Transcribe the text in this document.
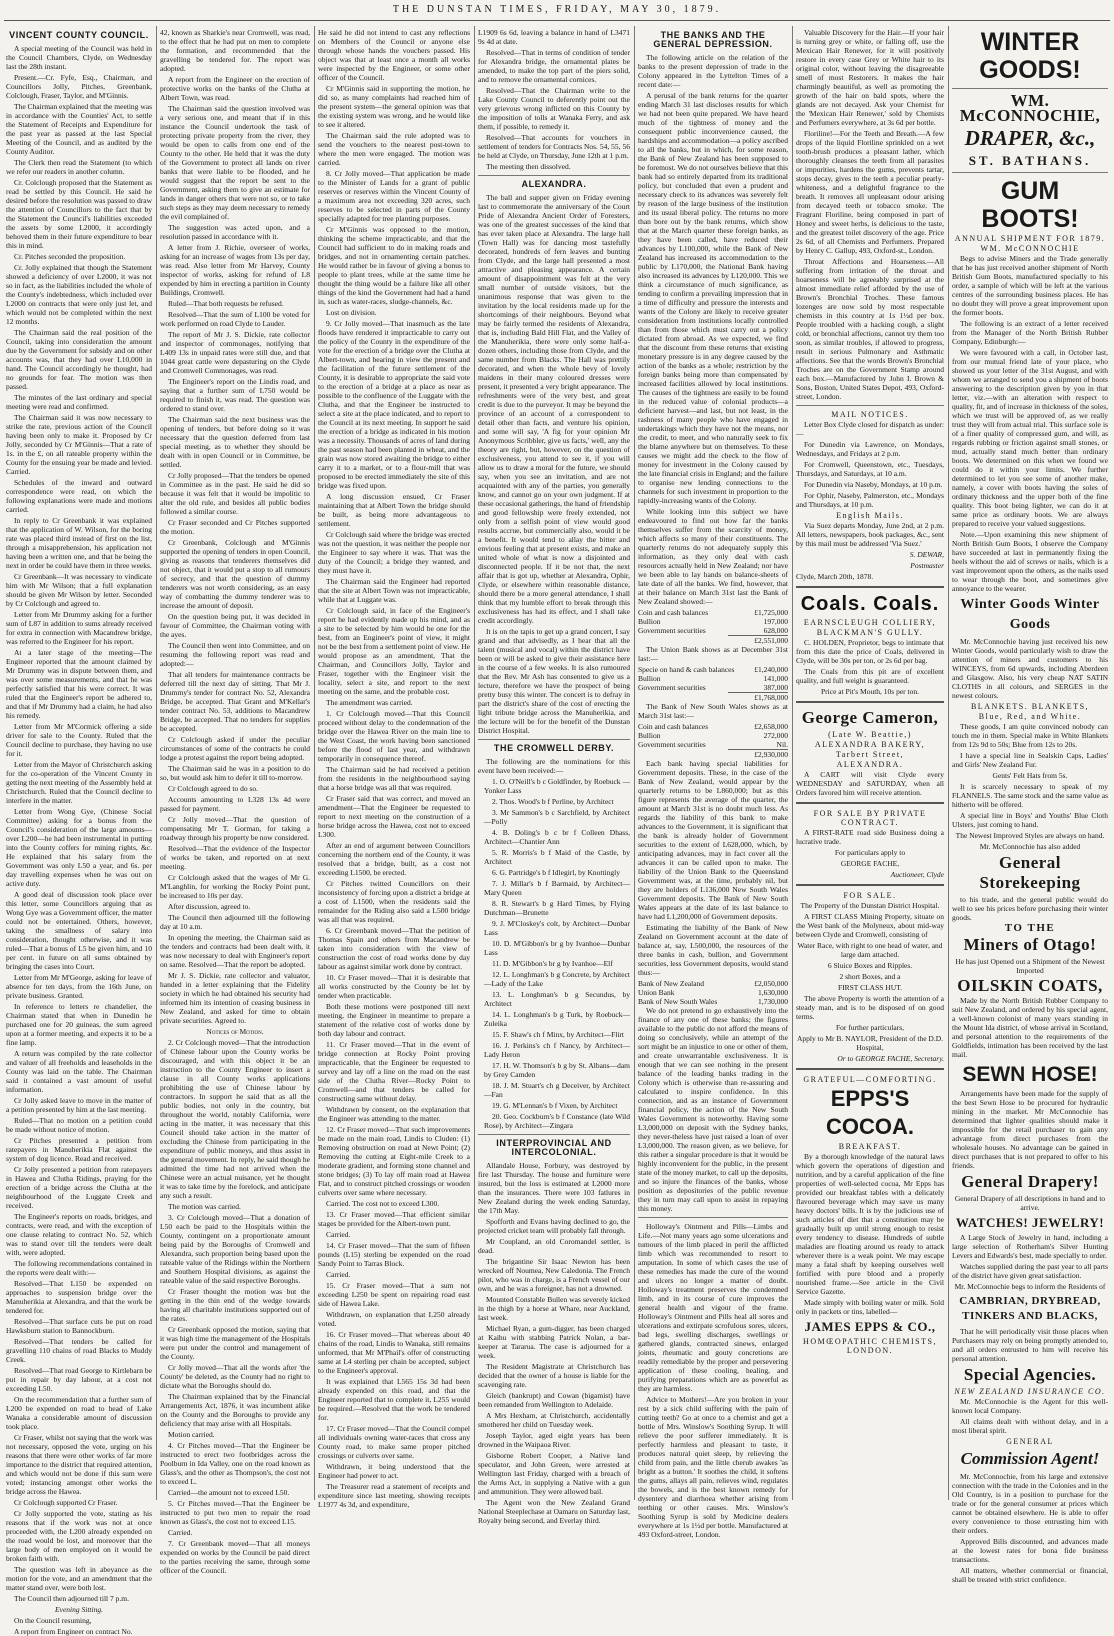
THE DUNSTAN TIMES, FRIDAY, MAY 30, 1879.
VINCENT COUNTY COUNCIL.

A special meeting of the Council was held in the Council Chambers, Clyde, on Wednesday last the 28th instant.

Present.—Cr. Fyfe, Esq., Chairman, and Councillors Jolly, Pitches, Greenbank, Colclough, Fraser, Taylor, and M'Ginnis.

The Chairman explained that the meeting was in accordance with the Counties' Act, to settle the Statement of Receipts and Expenditure for the past year as passed at the last Special Meeting of the Council, and as audited by the County Auditor.

The Clerk then read the Statement (to which we refer our readers in another column.

Cr. Colclough proposed that the Statement as read be settled by this Council. He said he desired before the resolution was passed to draw the attention of Councillors to the fact that by the Statement the Council's liabilities exceeded the assets by some L2000, it accordingly behoved them in their future expenditure to bear this in mind.

Cr. Pitches seconded the proposition.

Cr. Jolly explained that though the Statement showed a deficiency of over L2000, it was not so in fact, as the liabilities included the whole of the County's indebtedness, which included over L2000 on contracts that were only just let, and which would not be completed within the next 12 months.

The Chairman said the real position of the Council, taking into consideration the amount due by the Government for subsidy and on other accounts was, that they had over L10,000 in hand. The Council accordingly he thought, had no grounds for fear. The motion was then passed.

The minutes of the last ordinary and special meeting were read and confirmed.

The Chairman said it was now necessary to strike the rate, previous action of the Council having been only to make it. Proposed by Cr Jolly, seconded by Cr M'Ginnis—That a rate of 1s. in the £, on all rateable property within the County for the ensuing year be made and levied. Carried.

Schedules of the inward and outward correspondence were read, on which the following explanations were made and motions carried.

In reply to Cr Greenbank it was explained that the application of W. Wilson, for the boring rate was placed third instead of first on the list, through a misapprehension, his application not having been a written one, and that he being the next in order he could have them in three weeks.

Cr Greenbank—It was necessary to vindicate him with Mr Wilson; that a full explanation should be given Mr Wilson by letter. Seconded by Cr Colclough and agreed to.

Letter from Mr Drummy asking for a further sum of L87 in addition to sums already received for extra in connection with Macandrew bridge, was referred to the Engineer for his report.

At a later stage of the meeting—The Engineer reported that the amount claimed by Mr Drummy was in dispute between them, and was over some measurements, and that he was perfectly satisfied that his were correct. It was ruled that the Engineer's report be adhered to, and that if Mr Drummy had a claim, he had also his remedy.

Letter from Mr M'Cormick offering a side driver for sale to the County. Ruled that the Council decline to purchase, they having no use for it.

Letter from the Mayor of Christchurch asking for the co-operation of the Vincent County in getting the next meeting of the Assembly held at Christchurch. Ruled that the Council decline to interfere in the matter.

Letter from Wong Gye, (Chinese Social Committee) asking for a bonus from the Council's consideration of the large amounts—over L200—he had been instrumental in putting into the County coffers for mining rights, &c. He explained that his salary from the Government was only L50 a year, and 6s. per day travelling expenses when he was out on active duty.

A good deal of discussion took place over this letter, some Councillors arguing that as Wong Gye was a Government officer, the matter could not be entertained. Others, however, taking the smallness of salary into consideration, thought otherwise, and it was ruled—That a bonus of L5 be given him, and 10 per cent. in future on all sums obtained by bringing the cases into Court.

Letter from Mr M'George, asking for leave of absence for ten days, from the 16th June, on private business. Granted.

In reference to letters re chandelier, the Chairman stated that when in Dunedin he purchased one for 20 guineas, the sum agreed upon at a former meeting, and expects it to be a fine lamp.

A return was compiled by the rate collector and valuer of all freeholds and leaseholds in the County was laid on the table. The Chairman said it contained a vast amount of useful information.

Cr Jolly asked leave to move in the matter of a petition presented by him at the last meeting.

Ruled—That no motion on a petition could be made without notice of motion.

Cr Pitches presented a petition from ratepayers in Manuherikia Flat against the system of dog licence. Read and received.

Cr Jolly presented a petition from ratepayers in Hawea and Clutha Ridings, praying for the erection of a bridge across the Clutha at the neighbourhood of the Luggate Creek and received.

The Engineer's reports on roads, bridges, and contracts, were read, and with the exception of one clause relating to contract No. 52, which was to stand over till the tenders were dealt with, were adopted.

The following recommendations contained in the reports were dealt with:—

Resolved—That L150 be expended on approaches to suspension bridge over the Manuherikia at Alexandra, and that the work be tendered for.

Resolved—That surface cuts be put on road Hawksburn station to Bannockburn.

Resolved—That tenders be called for gravelling 110 chains of road Blacks to Muddy Creek.

Resolved—That road George to Kirtlebarn be put in repair by day labour, at a cost not exceeding L50.

On the recommendation that a further sum of L200 be expended on road to head of Lake Wanaka a considerable amount of discussion took place.

Cr Fraser, whilst not saying that the work was not necessary, opposed the vote, urging on his reasons that there were other works of far more importance to the district that required attention, and which would not be done if this sum were voted; instancing amongst other works the bridge across the Hawea.

Cr Colclough supported Cr Fraser.

Cr Jolly supported the vote, stating as his reasons that if the work was not at once proceeded with, the L200 already expended on the road would be lost, and moreover that the large body of men employed on it would be broken faith with.

The question was left in abeyance as the motion for the vote, and an amendment that the matter stand over, were both lost.

The Council then adjourned till 7 p.m.

Evening Sitting.

On the Council resuming,

A report from Engineer on contract No.

42, known as Sharkie's near Cromwell, was read, to the effect that he had put on men to complete the formation, and recommended that the gravelling be tendered for. The report was adopted.

A report from the Engineer on the erection of protective works on the banks of the Clutha at Albert Town, was read.

The Chairman said the question involved was a very serious one, and meant that if in this instance the Council undertook the task of protecting private property from the river, they would be open to calls from one end of the County to the other. He held that it was the duty of the Government to protect all lands on river banks that were liable to be flooded, and he would suggest that the report be sent to the Government, asking them to give an estimate for lands in danger others that were not so, or to take such steps as they may deem necessary to remedy the evil complained of.

The suggestion was acted upon, and a resolution passed in accordance with it.

A letter from J. Richie, overseer of works, asking for an increase of wages from 13s per day, was read. Also letter from Mr Harvey, County inspector of works, asking for refund of L8 expended by him in erecting a partition in County Buildings, Cromwell.

Ruled—That both requests be refused.

Resolved—That the sum of L100 be voted for work performed on road Clyde to Lauder.

The report of Mr J. S. Dickie, rate collector and inspector of commonages, notifying that L409 13s in unpaid rates were still due, and that 1044 great cattle were depasturing on the Clyde and Cromwell Commonages, was read.

The Engineer's report on the Lindis road, and saying that a further sum of L750 would be required to finish it, was read. The question was ordered to stand over.

The Chairman said the next business was the opening of tenders, but before doing so it was necessary that the question deferred from last special meeting, as to whether they should be dealt with in open Council or in Committee, be settled.

Cr Jolly proposed—That the tenders be opened in Committee as in the past. He said he did so because it was felt that it would be impolitic to alter the old rule, and besides all public bodies followed a similar course.

Cr Fraser seconded and Cr Pitches supported the motion.

Cr Greenbank, Colclough and M'Ginnis supported the opening of tenders in open Council, giving as reasons that tenderers themselves did not object, that it would put a stop to all rumours of secrecy, and that the question of dummy tenderers was not worth considering, as an easy way of combatting the dummy tenderer was to increase the amount of deposit.

On the question being put, it was decided in favour of Committee, the Chairman voting with the ayes.

The Council then went into Committee, and on resuming the following report was read and adopted:—

That all tenders for maintenance contracts be deferred till the next day of sitting. That Mr J. Drummy's tender for contract No. 52, Alexandra Bridge, be accepted. That Grant and M'Kellar's tender contract No. 53, additions to Macandrew Bridge, be accepted. That no tenders for supplies be accepted.

Cr Colclough asked if under the peculiar circumstances of some of the contracts he could lodge a protest against the report being adopted.

The Chairman said he was in a position to do so, but would ask him to defer it till to-morrow.

Cr Colclough agreed to do so.

Accounts amounting to L328 13s 4d were passed for payment.

Cr Jolly moved—That the question of compensating Mr T. Gorman, for taking a roadway through his property be now considered.

Resolved—That the evidence of the Inspector of works be taken, and reported on at next meeting.

Cr Colclough asked that the wages of Mr G. M'Langhlin, for working the Rocky Point punt, be increased to 10s per day.

After discussion, agreed to.

The Council then adjourned till the following day at 10 a.m.

In opening the meeting, the Chairman said as the tenders and contracts had been dealt with, it was now necessary to deal with Engineer's report on same. Resolved—That the report be adopted.

Mr J. S. Dickie, rate collector and valuator, handed in a letter explaining that the Fidelity society in which he had obtained his security had informed him its intention of ceasing business in New Zealand, and asked for time to obtain private securities. Agreed to.

Notices of Motion.

2. Cr Colclough moved—That the introduction of Chinese labour upon the County works be discouraged, and with this object it be an instruction to the County Engineer to insert a clause in all County works applications prohibiting the use of Chinese labour by contractors. In support he said that as all the public bodies, not only in the country, but throughout the world, notably California, were acting in the matter, it was necessary that this Council should take action in the matter of excluding the Chinese from participating in the expenditure of public moneys, and thus assist in the general movement. In reply, he said though he admitted the time had not arrived when the Chinese were an actual nuisance, yet he thought it was to take time by the forelock, and anticipate any such a result.

The motion was carried.

3. Cr Colclough moved—That a donation of L50 each be paid to the Hospitals within the County, contingent on a proportionate amount being paid by the Boroughs of Cromwell and Alexandra, such proportion being based upon the rateable value of the Ridings within the Northern and Southern Hospital divisions, as against the rateable value of the said respective Boroughs.

Cr Fraser thought the motion was but the getting in the thin end of the wedge towards having all charitable institutions supported out of the rates.

Cr Greenbank opposed the motion, saying that it was high time the management of the Hospitals were put under the control and management of the County.

Cr Jolly moved—That all the words after 'the County' be deleted, as the County had no right to dictate what the Boroughs should do.

The Chairman explained that by the Financial Arrangements Act, 1876, it was incumbent alike on the County and the Boroughs to provide any deficiency that may arise with all Hospitals.

Motion carried.

4. Cr Pitches moved—That the Engineer be instructed to erect two footbridges across the Poolburn in Ida Valley, one on the road known as Glass's, and the other as Thompson's, the cost not to exceed L.

Carried—the amount not to exceed L50.

5. Cr Pitches moved—That the Engineer be instructed to put two men to repair the road known as Glass's, the cost not to exceed L15.

Carried.

7. Cr Greenbank moved—That all moneys expended on works by the Council be paid direct to the parties receiving the same, through some officer of the Council.

He said he did not intend to cast any reflections on Members of the Council or anyone else through whose hands the vouchers passed. His object was that at least once a month all works were inspected by the Engineer, or some other officer of the Council.

Cr M'Ginnis said in supporting the motion, he did so, as many complaints had reached him of the present system—the general opinion was that the existing system was wrong, and he would like to see it altered.

The Chairman said the rule adopted was to send the vouchers to the nearest post-town to where the men were engaged. The motion was carried.

8. Cr Jolly moved—That application be made to the Minister of Lands for a grant of public reserves or reserves within the Vincent County of a maximum area not exceeding 320 acres, such reserves to be selected in parts of the County specially adapted for tree planting purposes.

Cr M'Ginnis was opposed to the motion, thinking the scheme impracticable, and that the Council had sufficient to do in making roads and bridges, and not in ornamenting certain patches. He would rather be in favour of giving a bonus to people to plant trees, while at the same time he thought the thing would be a failure like all other things of the kind the Government had had a hand in, such as water-races, sludge-channels, &c.

Lost on division.

9. Cr Jolly moved—That inasmuch as the late floods have rendered it impracticable to carry out the policy of the County in the expenditure of the vote for the erection of a bridge over the Clutha at Albert-town, and bearing in view the present and the facilitation of the future settlement of the County, it is desirable to appropriate the said vote to the erection of a bridge at a place as near as possible to the confluence of the Luggate with the Clutha, and that the Engineer be instructed to select a site at the place indicated, and to report to the Council at its next meeting. In support he said the erection of a bridge as indicated in his motion was a necessity. Thousands of acres of land during the past season had been planted in wheat, and the grain was now stored awaiting the bridge to either carry it to a market, or to a flour-mill that was proposed to be erected immediately the site of this bridge was fixed upon.

A long discussion ensued, Cr Fraser maintaining that at Albert Town the bridge should be built, as being more advantageous to settlement.

Cr Colclough said where the bridge was erected was not the question, it was neither the people nor the Engineer to say where it was. That was the duty of the Council; a bridge they wanted, and they must have it.

The Chairman said the Engineer had reported that the site at Albert Town was not impracticable, while that at Luggate was.

Cr Colclough said, in face of the Engineer's report he had evidently made up his mind, and as a site to be selected by him would be one for the best, from an Engineer's point of view, it might not be the best from a settlement point of view. He would propose as an amendment, That the Chairman, and Councillors Jolly, Taylor and Fraser, together with the Engineer visit the locality, select a site, and report to the next meeting on the same, and the probable cost.

The amendment was carried.

1. Cr Colclough moved—That this Council proceed without delay to the condemnation of the bridge over the Hawea River on the main line to the West Coast, the work having been sanctioned before the flood of last year, and withdrawn temporarily in consequence thereof.

The Chairman said he had received a petition from the residents in the neighbourhood saying that a horse bridge was all that was required.

Cr Fraser said that was correct, and moved an amendment—That the Engineer be requested to report to next meeting on the construction of a horse bridge across the Hawea, cost not to exceed L300.

After an end of argument between Councillors concerning the northern end of the County, it was resolved that a bridge, built, as a cost not exceeding L1500, be erected.

Cr Pitches twitted Councillors on their inconsistency of forcing upon a district a bridge at a cost of L1500, when the residents said the remainder for the Riding also said a L500 bridge was all that was required.

6. Cr Greenbank moved—That the petition of Thomas Spain and others from Macandrew be taken into consideration with the view of construction the cost of road works done by day labour as against similar work done by contract.

10. Cr Fraser moved—That it is desirable that all works constructed by the County be let by tender when practicable.

Both these motions were postponed till next meeting, the Engineer in meantime to prepare a statement of the relative cost of works done by both day labour and contract.

11. Cr Fraser moved—That in the event of bridge connection at Rocky Point proving impracticable, that the Engineer be requested to survey and lay off a line on the road on the east side of the Clutha River—Rocky Point to Cromwell—and that tenders be called for constructing same without delay.

Withdrawn by consent, on the explanation that the Engineer was attending to the matter.

12. Cr Fraser moved—That such improvements be made on the main road, Lindis to Cluden: (1) Removing obstruction on road at Newt Point; (2) Removing the cutting at Eight-mile Creek to a moderate gradient, and forming stone channel and stone bridges; (3) To lay off main road at Hawea Flat, and to construct pitched crossings or wooden culverts over same where necessary.

Carried. The cost not to exceed L300.

13. Cr Fraser moved—That efficient similar stages be provided for the Albert-town punt.

Carried.

14. Cr Fraser moved—That the sum of fifteen pounds (L15) sterling be expended on the road Sandy Point to Tarras Block.

Carried.

15. Cr Fraser moved—That a sum not exceeding L250 be spent on repairing road east side of Hawea Lake.

Withdrawn, on explanation that L250 already voted.

16. Cr Fraser moved—That whereas about 40 chains of the road, Lindis to Wanaka, still remains unformed, that Mr M'Phail's offer of constructing same at L4 sterling per chain be accepted, subject to the Engineer's approval.

It was explained that L565 15s 3d had been already expended on this road, and that the Engineer reported that to complete it, L255 would be required.—Resolved that the work be tendered for.

17. Cr Fraser moved—That the Council compel all individuals owning water-races that cross any County road, to make same proper pitched crossings or culverts over same.

Withdrawn, it being understood that the Engineer had power to act.

The Treasurer read a statement of receipts and expenditure since last meeting, showing receipts L1977 4s 3d, and expenditure,

L1909 6s 6d, leaving a balance in hand of L3471 9s 4d at date.

Resolved—That in terms of condition of tender for Alexandra bridge, the ornamental plates be amended, to make the top part of the piers solid, and to remove the ornamental cornices.

Resolved—That the Chairman write to the Lake County Council to deferently point out the very grievous wrong inflicted on this County by the imposition of tolls at Wanaka Ferry, and ask them, if possible, to remedy it.

Resolved—That accounts for vouchers in settlement of tenders for Contracts Nos. 54, 55, 56 be held at Clyde, on Thursday, June 12th at 1 p.m.

The meeting then dissolved.

ALEXANDRA.

The ball and supper given on Friday evening last to commemorate the anniversary of the Court Pride of Alexandra Ancient Order of Foresters, was one of the greatest successes of the kind that has ever taken place at Alexandra. The large hall (Town Hall) was for dancing most tastefully decorated, hundreds of fern leaves and bunting from Clyde, and the large hall presented a most attractive and pleasing appearance. A certain amount of disappointment was felt at the very small number of outside visitors, but the unanimous response that was given to the invitation by the local residents made up for the shortcomings of their neighbours. Beyond what may be fairly termed the residents of Alexandra, that is, including Bald Hill Flat, and the Valley of the Manuherikia, there were only some half-a-dozen others, including those from Clyde, and the same number from Blacks. The Hall was prettily decorated, and when the whole bevy of lovely maidens in their many coloured dresses were present, it presented a very bright appearance. The refreshments were of the very best, and great credit is due to the purveyor. It may be beyond the province of an account of a correspondent to detail other than facts, and venture his opinion, and some will say, 'A fig for your opinion Mr Anonymous Scribbler, give us facts,' well, any the theory are right, but, however, on the question of exclusiveness, you attend to see it, if you will allow us to draw a moral for the future, we should say, when you see an invitation, and are not acquainted with any of the parties, you generally know, and cannot go on your own judgment. If at these occasional gatherings, the hand of friendship and good fellowship were freely extended, not only from a selfish point of view would good results accrue, but commercially also, would it be a benefit. It would tend to allay the bitter and envious feeling that at present exists, and make an united whole of what is now a disjointed and disconnected people. If it be not that, the next affair that is got up, whether at Alexandra, Ophir, Clyde, or elsewhere within reasonable distance, should there be a more general attendance, I shall think that my humble effort to break through this exclusiveness has had its effect, and I shall take credit accordingly.

It is on the tapis to get up a grand concert, I say grand and that advisedly, as I hear that all the talent (musical and vocal) within the district have been or will be asked to give their assistance here in the course of a few weeks. It is also rumoured that the Rev. Mr Ash has consented to give us a lecture, therefore we have the prospect of being pretty busy this winter. The concert is to defray in part the district's share of the cost of erecting the light tribute bridge across the Manuherikia, and the lecture will be for the benefit of the Dunstan District Hospital.

THE CROMWELL DERBY.

The following are the nominations for this event have been received:—

1. O. O'Neill's b c Goldfinder, by Roebuck —Yonker Lass

2. Thos. Wood's b f Perline, by Architect

3. Mr Sammon's b c Sarchfield, by Architect—Polly

4. B. Doling's b c br f Colleen Dhass, Architect—Chantier Ann

5. R. Morris's b f Maid of the Castle, by Architect

6. G. Partridge's b f Idlegirl, by Knottingly

7. J. Millar's b f Barmaid, by Architect—Mary Queen

8. R. Stewart's b g Hard Times, by Flying Dutchman—Brunette

9. J. M'Closkey's colt, by Architect—Dunbar Lass

10. D. M'Gibbon's br g by Ivanhoe—Dunbar Lass

11. D. M'Gibbon's br g by Ivanhoe—Elf

12. L. Longhman's b g Concrete, by Architect—Lady of the Lake

13. L. Longhman's b g Secundus, by Architect

14. L. Longhman's b g Turk, by Roebuck—Zuleika

15. F. Shaw's ch f Minx, by Architect—Flirt

16. J. Perkins's ch f Nancy, by Architect—Lady Heron

17. H. W. Thomson's b g by St. Albans—dam by Grey Camden

18. J. M. Stuart's ch g Deceiver, by Architect—Fan

19. G. M'Lennan's b f Vixen, by Architect

20. Geo. Cockburn's b f Constance (late Wild Rose), by Architect—Zingara

INTERPROVINCIAL AND INTERCOLONIAL.

Allandale House, Forbury, was destroyed by fire last Thursday. The house and furniture were insured, but the loss is estimated at L2000 more than the insurances. There were 103 fatlures in New Zealand during the week ending Saturday, the 17th May.

Spofforth and Evans having declined to go, the projected cricket team will probably fall through.

Mr Coupland, an old Coromandel settler, is dead.

The brigantine Sir Isaac Newton has been wrecked off Noumea, New Caledonia. The French pilot, who was in charge, is a French vessel of our own, and he was a foreigner, has not a drowned.

Mounted Constable Bullen was severely kicked in the thigh by a horse at Whare, near Auckland, last week.

Michael Ryan, a gum-digger, has been charged at Kaihu with stabbing Patrick Nolan, a bar-keeper at Tararua. The case is adjourned for a week.

The Resident Magistrate at Christchurch has decided that the owner of a house is liable for the scavenging rate.

Gleich (bankrupt) and Cowan (bigamist) have been remanded from Wellington to Adelaide.

A Mrs Hexham, at Christchurch, accidentally smothered her child on Tuesday week.

Joseph Taylor, aged eight years has been drowned in the Waipaoa River.

Gisborne Robert Cooper, a Native land speculator, and John Green, were arrested at Wellington last Friday, charged with a breach of the Arms Act, in supplying a Native with a gun and ammunition. They were allowed bail.

The Agent won the New Zealand Grand National Steeplechase at Oamaru on Saturday last, Royalty being second, and Everlay third.

THE BANKS AND THE GENERAL DEPRESSION.

The following article on the relation of the banks to the present depression of trade in the Colony appeared in the Lyttelton Times of a recent date:—

A perusal of the bank returns for the quarter ending March 31 last discloses results for which we had not been quite prepared. We have heard much of the tightness of money and the consequent public inconvenience caused, the hardships and accommodation—a policy ascribed to all the banks, but in which, for some reason, the Bank of New Zealand has been supposed to be foremost. We do not ourselves believe that this bank had so entirely departed from its traditional policy, but concluded that even a prudent and necessary check to its advances was severely felt by reason of the large business of the institution and its usual liberal policy. The returns no more than bore out by the bank returns, which show that at the March quarter these foreign banks, as they have been called, have reduced their advances by L100,000, while the Bank of New Zealand has increased its accommodation to the public by L170,000, the National Bank having also increased its advances by L120,000. This we think a circumstance of much significance, as tending to confirm a prevailing impression that in a time of difficulty and pressure the interests and wants of the Colony are likely to receive greater consideration from institutions locally controlled than from those which must carry out a policy dictated from abroad. As we expected, we find that the discount from these returns that existing monetary pressure is in any degree caused by the action of the banks as a whole; restriction by the foreign banks being more than compensated by increased facilities allowed by local institutions. The causes of the tightness are easily to be found in the reduced value of colonial products—a deficient harvest—and last, but not least, in the rashness of many people who have engaged in undertakings which they have not the means, nor the credit, to meet, and who naturally seek to fix the blame anywhere but on themselves. To these causes we might add the check to the flow of money for investment in the Colony caused by the late financial crisis in England; and the failure to organise new lending connections to the channels for such investment in proportion to the rapidly-increasing wants of the Colony.

While looking into this subject we have endeavoured to find out how far the banks themselves suffer from the scarcity of money, which affects so many of their constituents. The quarterly returns do not adequately supply this information, as they only deal with cash resources actually held in New Zealand; nor have we been able to lay hands on balance-sheets of late date of all the banks. We find, however, that at their balance on March 31st last the Bank of New Zealand showed:—

Coin and cash balances	£1,725,000
Bullion	197,000
Government securities	628,000
£2,551,000

The Union Bank shows as at December 31st last:—

Specie on hand & cash balances	£1,240,000
Bullion	141,000
Government securities	387,000
£1,768,000

The Bank of New South Wales shows as at March 31st last:—

Coin and cash balances	£2,658,000
Bullion	272,000
Government securities	Nil.
£2,930,000

Each bank having special liabilities for Government deposits. These, in the case of the Bank of New Zealand, would appear by the quarterly returns to be L860,000; but as this figure represents the average of the quarter, the amount at March 31st is no doubt much less. As regards the liability of this bank to make advances to the Government, it is significant that the bank is already holder of Government securities to the extent of L628,000, which, by anticipating advances, may in fact cover all the advances it can be called upon to make. The liability of the Union Bank to the Queensland Government was, at the time, probably nil, but they are holders of L136,000 New South Wales Government deposits. The Bank of New South Wales appears at the date of its last balance to have had L1,200,000 of Government deposits.

Estimating the liability of the Bank of New Zealand on Government account at the date of balance at, say, L500,000, the resources of the three banks in cash, bullion, and Government securities, less Government deposits, would stand thus:—

Bank of New Zealand	£2,050,000
Union Bank	1,630,000
Bank of New South Wales	1,730,000

We do not pretend to go exhaustively into the finance of any one of these banks; the figures available to the public do not afford the means of doing so conclusively, while an attempt of the sort might be an injustice to one or other of them, and create unwarrantable exclusiveness. It is enough that we can see nothing in the present balance of the leading banks trading in the Colony which is otherwise than re-assuring and calculated to inspire confidence. In this connection, and as an instance of Government financial policy, the action of the New South Wales Government is noteworthy. Having some L3,000,000 on deposit with the Sydney banks, they never-theless have just raised a loan of over L3,000,000. The reason given, as we believe, for this rather a singular procedure is that it would be highly inconvenient for the public, in the present state of the money market, to call up the deposits, and so injure the finances of the banks, whose position as depositories of the public revenue they in turn may call upon to assist in repaying this money.

Holloway's Ointment and Pills—Limbs and Life.—Not many years ago some ulcerations and tumours of the limb placed in peril the afflicted limb which was recommended to resort to amputation. In some of which cases the use of these remedies has made the cure of the wound and ulcers no longer a matter of doubt. Holloway's treatment preserves the condemned limb, and in its course of cure improves the general health and vigour of the frame. Holloway's Ointment and Pills heal all sores and ulcerations and extirpate scrofulous sores, ulcers, bad legs, swelling discharges, swellings or gathered glands, contracted sinews, enlarged joints, rheumatic and gouty concretions are readily remediable by the proper and persevering application of these cooling, healing, and purifying preparations which are as powerful as they are harmless.

Advice to Mothers!—Are you broken in your rest by a sick child suffering with the pain of cutting teeth? Go at once to a chemist and get a bottle of Mrs. Winslow's Soothing Syrup. It will relieve the poor sufferer immediately. It is perfectly harmless and pleasant to taste, it produces natural quiet sleep, by relieving the child from pain, and the little cherub awakes 'as bright as a button.' It soothes the child, it softens the gums, allays all pain, relieves wind, regulates the bowels, and is the best known remedy for dysentery and diarrhoea whether arising from teething or other causes. Mrs. Winslow's Soothing Syrup is sold by Medicine dealers everywhere at 1s 1½d per bottle. Manufactured at 493 Oxford-street, London.

Valuable Discovery for the Hair.—If your hair is turning grey or white, or falling off, use the Mexican Hair Renewer, for it will positively restore in every case Grey or White hair to its original color, without leaving the disagreeable smell of most Restorers. It makes the hair charmingly beautiful, as well as promoting the growth of the hair on bald spots, where the glands are not decayed. Ask your Chemist for the 'Mexican Hair Renewer,' sold by Chemists and Perfumers everywhere, at 3s 6d per bottle.

Floriline!—For the Teeth and Breath.—A few drops of the liquid Floriline sprinkled on a wet tooth-brush produces a pleasant lather, which thoroughly cleanses the teeth from all parasites or impurities, hardens the gums, prevents tartar, stops decay, gives to the teeth a peculiar pearly-whiteness, and a delightful fragrance to the breath. It removes all unpleasant odour arising from decayed teeth or tobacco smoke. The Fragrant Floriline, being composed in part of Honey and sweet herbs, is delicious to the taste, and the greatest toilet discovery of the age. Price 2s 6d, of all Chemists and Perfumers. Prepared by Henry C. Gallup, 493, Oxford-st., London.

Throat Affections and Hoarseness.—All suffering from irritation of the throat and hoarseness will be agreeably surprised at the almost immediate relief afforded by the use of Brown's Bronchial Troches. These famous lozenges are now sold by most respectable chemists in this country at 1s 1½d per box. People troubled with a hacking cough, a slight cold, or bronchial affections, cannot try them too soon, as similar troubles, if allowed to progress, result in serious Pulmonary and Asthmatic affections. See that the words Brown's Bronchial Troches are on the Government Stamp around each box.—Manufactured by John I. Brown & Sons, Boston, United States Depot, 493, Oxford-street, London.

MAIL NOTICES.

Letter Box Clyde closed for dispatch as under:—

For Dunedin via Lawrence, on Mondays, Wednesdays, and Fridays at 2 p.m.

For Cromwell, Queenstown, etc., Tuesdays, Thursdays, and Saturdays, at 10 a.m.

For Dunedin via Naseby, Mondays, at 10 p.m.

For Ophir, Naseby, Palmerston, etc., Mondays and Thursdays, at 10 p.m.

English Mails.

Via Suez departs Monday, June 2nd, at 2 p.m. All letters, newspapers, book packages, &c., sent by this mail must be addressed 'Via Suez.'

S. DEWAR,

Postmaster

Clyde, March 20th, 1878.

Coals. Coals.
EARNSCLEUGH COLLIERY,
BLACKMAN'S GULLY.

C. HOLDEN, Proprietor, begs to intimate that from this date the price of Coals, delivered in Clyde, will be 30s per ton, or 2s 6d per bag.

The Coals from this pit are of excellent quality, and full weight is guaranteed.

Price at Pit's Mouth, 10s per ton.

George Cameron,
(Late W. Beattie,)
ALEXANDRA BAKERY,
Tarbert Street,
ALEXANDRA.

A CART will visit Clyde every WEDNESDAY and SATURDAY, when all Orders favored him will receive attention.

FOR SALE BY PRIVATE CONTRACT.

A FIRST-RATE road side Business doing a lucrative trade.

For particulars apply to

GEORGE FACHE,

Auctioneer, Clyde

FOR SALE.

The Property of the Dunstan District Hospital.

A FIRST CLASS Mining Property, situate on the West bank of the Molyneux, about mid-way between Clyde and Cromwell, consisting of

Water Race, with right to one head of water, and large dam attached.

6 Sluice Boxes and Ripples.

2 short Boxes, and a

FIRST CLASS HUT.

The above Property is worth the attention of a steady man, and is to be disposed of on good terms.

For further particulars,

Apply to Mr B. NAYLOR, President of the D.D. Hospital,

Or to GEORGE FACHE, Secretary.

GRATEFUL—COMFORTING.
EPPS'S COCOA.
BREAKFAST.

By a thorough knowledge of the natural laws which govern the operations of digestion and nutrition, and by a careful application of the fine properties of well-selected cocoa, Mr Epps has provided our breakfast tables with a delicately flavoured beverage which may save us many heavy doctors' bills. It is by the judicious use of such articles of diet that a constitution may be gradually built up until strong enough to resist every tendency to disease. Hundreds of subtle maladies are floating around us ready to attack wherever there is a weak point. We may escape many a fatal shaft by keeping ourselves well fortified with pure blood and a properly nourished frame.—See article in the Civil Service Gazette.

Made simply with boiling water or milk. Sold only in packets or tins, labelled—

JAMES EPPS & CO.,
HOMŒOPATHIC CHEMISTS, LONDON.
WINTER GOODS!
WM. McCONNOCHIE,
DRAPER, &c.,
ST. BATHANS.
GUM BOOTS!
ANNUAL SHIPMENT FOR 1879.
WM. McCONNOCHIE

Begs to advise Miners and the Trade generally that he has just received another shipment of North British Gum Boots, manufactured specially to his order, a sample of which will be left at the various centres of the surrounding business places. He has no doubt they will prove a great improvement upon the former boots.

The following is an extract of a letter received from the Manager of the North British Rubber Company, Edinburgh:—

We were favoured with a call, in October last, from our mutual friend late of your place, who showed us your letter of the 31st August, and with whom we arranged to send you a shipment of boots answering to the description given by you in that letter, viz.—with an alteration with respect to quality, fit, and of increase in thickness of the soles, which we trust will be approved of, as we really trust they will from actual trial. This surface sole is of a finer quality of compressed gum, and will, as regards rubbing or friction against small stones, or mud, actually stand much better than ordinary boots. We determined on this when we found we could do it within your limits. We further determined to let you see some of another make, namely, a cover with boots having the soles of ordinary thickness and the upper both of the fine quality. This boot being lighter, we can do it at same price as ordinary boots. We are always prepared to receive your valued suggestions.

Note.—Upon examining this new shipment of North British Gum Boots, I observe the Company have succeeded at last in permanently fixing the heels without the aid of screws or nails, which is a vast improvement upon the others, as the nails used to wear through the boot, and sometimes give annoyance to the wearer.

Winter Goods Winter Goods

Mr. McConnochie having just received his new Winter Goods, would particularly wish to draw the attention of miners and customers to his WINCEYS, from 6d upwards, including Aberdeen and Glasgow. Also, his very cheap NAT SATIN CLOTHS in all colours, and SERGES in the newest colours.

BLANKETS. BLANKETS,
Blue, Red, and White.

These goods, I am quite convinced nobody can touch me in them. Special make in White Blankets from 12s 9d to 50s; Blue from 12s to 20s.

I have a special line in Sealskin Caps, Ladies' and Girls' New Zealand Fur.

Gents' Felt Hats from 5s.

It is scarcely necessary to speak of my FLANNELS. The same stock and the same value as hitherto will be offered.

A special line in Boys' and Youths' Blue Cloth Ulsters, just coming to hand.

The Newest Improved Styles are always on hand.

Mr. McConnochie has also added

General Storekeeping

to his trade, and the general public would do well to see his prices before purchasing their winter goods.

TO THE
Miners of Otago!

He has just Opened out a Shipment of the Newest Imported

OILSKIN COATS,

Made by the North British Rubber Company to suit New Zealand, and ordered by his special agent, a well-known colonist of many years standing in the Mount Ida district, of whose arrival in Scotland, and personal attention to the requirements of the Goldfields, intimation has been received by the last mail.

SEWN HOSE!

Arrangements have been made for the supply of the best Sewn Hose to be procured for hydraulic mining in the market. Mr McConnochie has determined that lighter qualities should make it impossible for the retail purchaser to gain any advantage from direct purchases from the wholesale houses. No advantage can be gained in direct purchases that is not prepared to offer to his friends.

General Drapery!

General Drapery of all descriptions in hand and to arrive.

WATCHES! JEWELRY!

A Large Stock of Jewelry in hand, including a large selection of Rotherham's Silver Hunting Levers and Edwards's best, made specially to order.

Watches supplied during the past year to all parts of the district have given great satisfaction.

Mr. McConnochie begs to inform the Residents of

CAMBRIAN, DRYBREAD, TINKERS AND BLACKS,

That he will periodically visit those places when Purchasers may rely on being promptly attended to, and all orders entrusted to him will receive his personal attention.

Special Agencies.
NEW ZEALAND INSURANCE CO.

Mr. McConnochie is the Agent for this well-known local Company.

All claims dealt with without delay, and in a most liberal spirit.

GENERAL
Commission Agent!

Mr. McConnochie, from his large and extensive connection with the trade in the Colonies and in the Old Country, is in a position to purchase for the trade or for the general consumer at prices which cannot be obtained elsewhere. He is able to offer every convenience to those entrusting him with their orders.

Approved Bills discounted, and advances made at the lowest rates for bona fide business transactions.

All matters, whether commercial or financial, shall be treated with strict confidence.
